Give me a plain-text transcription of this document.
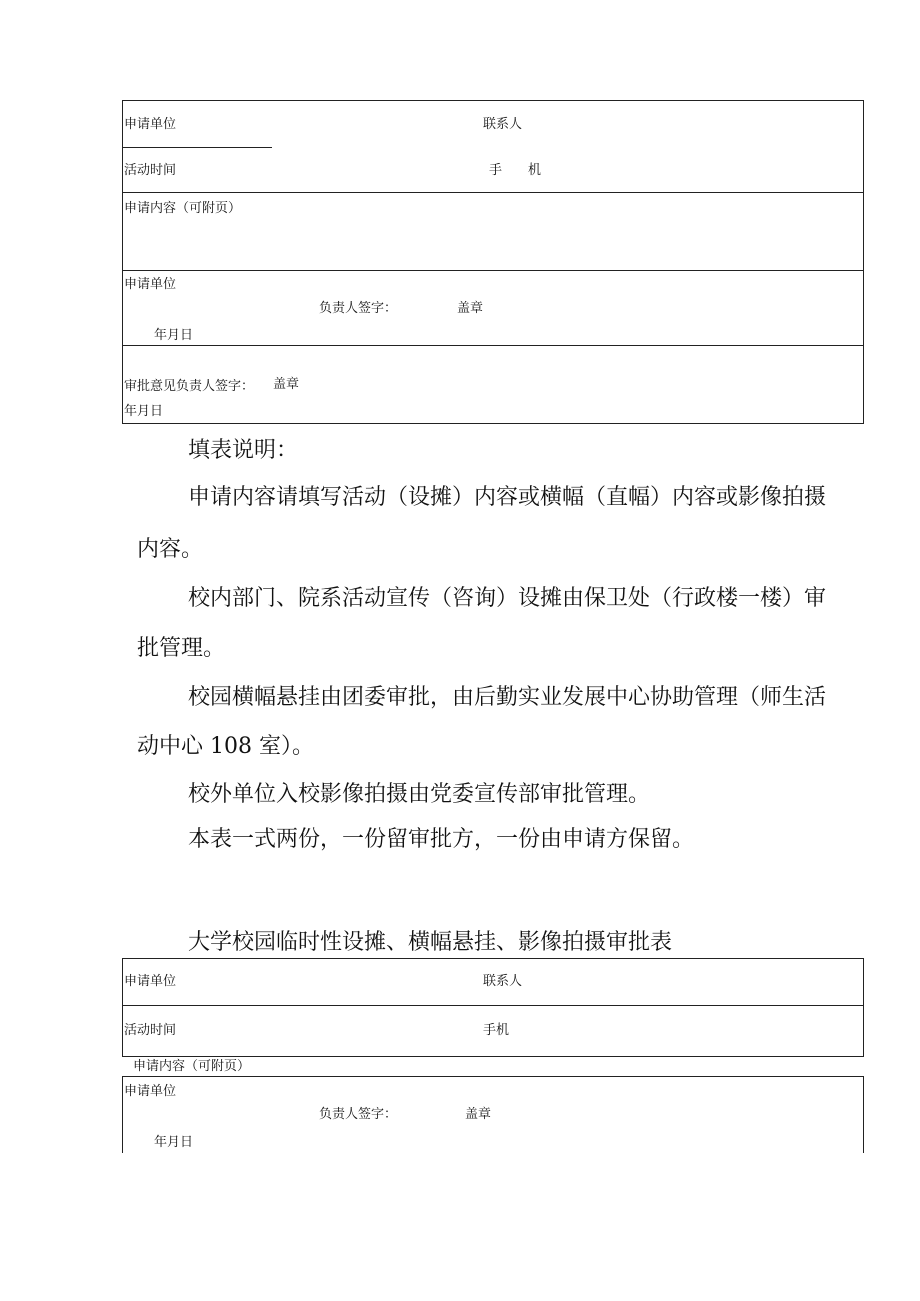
申请单位	联系人
活动时间	手　　机
申请内容（可附页）
申请单位
负责人签字：	盖章
年月日
审批意见负责人签字： 盖章
年月日
填表说明：
申请内容请填写活动（设摊）内容或横幅（直幅）内容或影像拍摄
内容。
校内部门、院系活动宣传（咨询）设摊由保卫处（行政楼一楼）审
批管理。
校园横幅悬挂由团委审批，由后勤实业发展中心协助管理（师生活
动中心 108 室）。
校外单位入校影像拍摄由党委宣传部审批管理。
本表一式两份，一份留审批方，一份由申请方保留。
大学校园临时性设摊、横幅悬挂、影像拍摄审批表
申请单位	联系人
活动时间	手机
申请内容（可附页）
申请单位
负责人签字：	盖章
年月日
